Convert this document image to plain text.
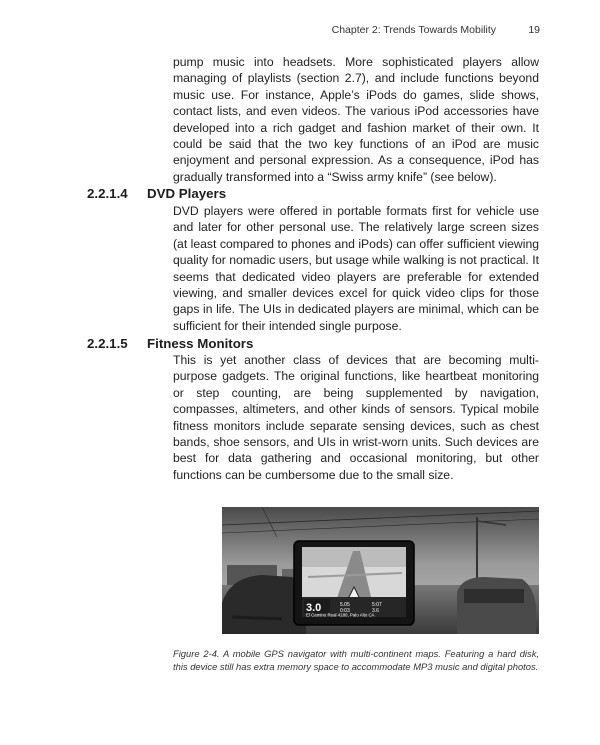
Chapter 2: Trends Towards Mobility	19

pump music into headsets. More sophisticated players allow managing of playlists (section 2.7), and include functions beyond music use. For instance, Apple’s iPods do games, slide shows, contact lists, and even videos. The various iPod accessories have developed into a rich gadget and fashion market of their own. It could be said that the two key functions of an iPod are music enjoyment and personal expression. As a consequence, iPod has gradually transformed into a “Swiss army knife” (see below).

2.2.1.4 DVD Players

DVD players were offered in portable formats first for vehicle use and later for other personal use. The relatively large screen sizes (at least compared to phones and iPods) can offer sufficient viewing quality for nomadic users, but usage while walking is not practical. It seems that dedicated video players are preferable for extended viewing, and smaller devices excel for quick video clips for those gaps in life. The UIs in dedicated players are minimal, which can be sufficient for their intended single purpose.

2.2.1.5 Fitness Monitors

This is yet another class of devices that are becoming multi-purpose gadgets. The original functions, like heartbeat monitoring or step counting, are being supplemented by navigation, compasses, altimeters, and other kinds of sensors. Typical mobile fitness monitors include separate sensing devices, such as chest bands, shoe sensors, and UIs in wrist-worn units. Such devices are best for data gathering and occasional monitoring, but other functions can be cumbersome due to the small size.

3.0	5.05	5:07
0:03	3.6
El Camino Real 4180, Palo Alto CA
Figure 2-4. A mobile GPS navigator with multi-continent maps. Featuring a hard disk, this device still has extra memory space to accommodate MP3 music and digital photos.
